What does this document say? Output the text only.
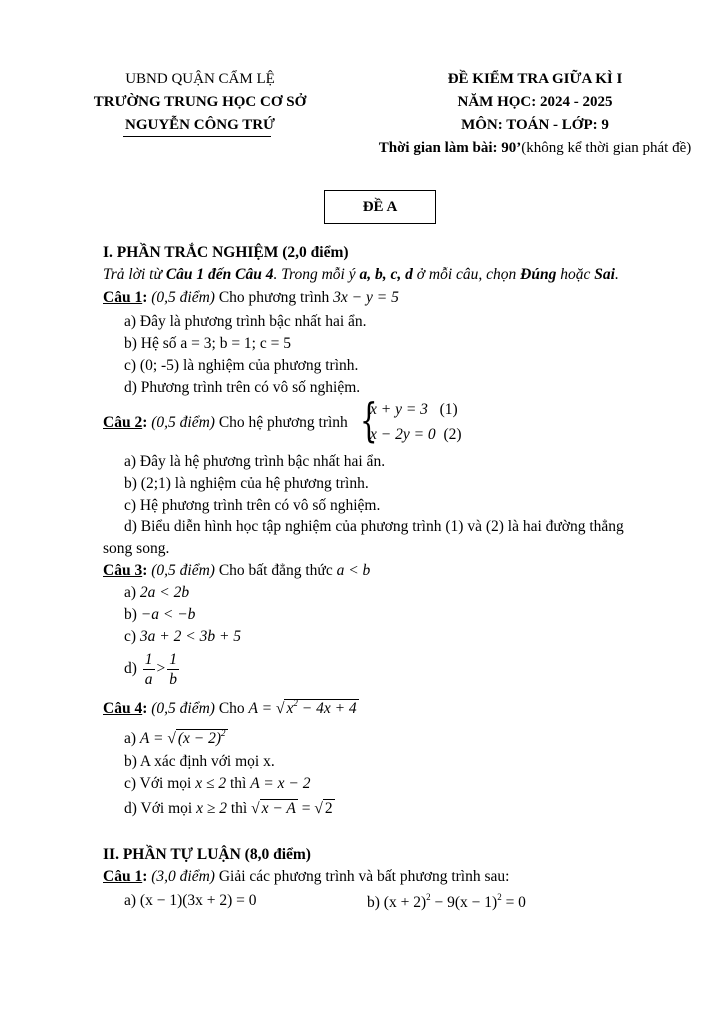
UBND QUẬN CẨM LỆ
TRƯỜNG TRUNG HỌC CƠ SỞ
NGUYỄN CÔNG TRỨ
ĐỀ KIỂM TRA GIỮA KÌ I
NĂM HỌC: 2024 - 2025
MÔN: TOÁN - LỚP: 9
Thời gian làm bài: 90’(không kể thời gian phát đề)
ĐỀ A
I. PHẦN TRẮC NGHIỆM (2,0 điểm)
Trả lời từ Câu 1 đến Câu 4. Trong mỗi ý a, b, c, d ở mỗi câu, chọn Đúng hoặc Sai.
Câu 1: (0,5 điểm) Cho phương trình 3x − y = 5
a) Đây là phương trình bậc nhất hai ẩn.
b) Hệ số a = 3; b = 1; c = 5
c) (0; -5) là nghiệm của phương trình.
d) Phương trình trên có vô số nghiệm.
Câu 2: (0,5 điểm) Cho hệ phương trình {
x + y = 3 (1)
x − 2y = 0 (2)
a) Đây là hệ phương trình bậc nhất hai ẩn.
b) (2;1) là nghiệm của hệ phương trình.
c) Hệ phương trình trên có vô số nghiệm.
d) Biểu diễn hình học tập nghiệm của phương trình (1) và (2) là hai đường thẳng
song song.
Câu 3: (0,5 điểm) Cho bất đẳng thức a < b
a) 2a < 2b
b) −a < −b
c) 3a + 2 < 3b + 5
$d) \frac{1}{a} > \frac{1}{b}$
Câu 4: (0,5 điểm) Cho A = √ $x^2 - 4x + 4$
a) A = √ $(x - 2)^2$
b) A xác định với mọi x.
c) Với mọi x ≤ 2 thì A = x − 2
d) Với mọi x ≥ 2 thì √ x − A = √ 2
II. PHẦN TỰ LUẬN (8,0 điểm)
Câu 1: (3,0 điểm) Giải các phương trình và bất phương trình sau:
a) (x − 1)(3x + 2) = 0	b) $(x + 2)^2 - 9(x - 1)^2 = 0$
